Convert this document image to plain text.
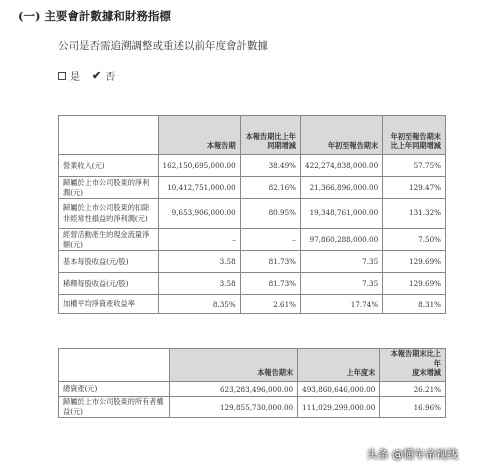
(一) 主要會計數據和財務指標
公司是否需追溯調整或重述以前年度會計數據
是 ✔ 否
	本報告期	本報告期比上年
同期增減	年初至報告期末	年初至報告期末
比上年同期增減
營業收入(元)	162,150,695,000.00	38.49%	422,274,838,000.00	57.75%
歸屬於上市公司股東的淨利潤(元)	10,412,751,000.00	82.16%	21,366,896,000.00	129.47%
歸屬於上市公司股東的扣除
非經常性損益的淨利潤(元)	9,653,906,000.00	80.95%	19,348,761,000.00	131.32%
經營活動產生的現金流量淨額(元)	–	–	97,860,288,000.00	7.50%
基本每股收益(元/股)	3.58	81.73%	7.35	129.69%
稀釋每股收益(元/股)	3.58	81.73%	7.35	129.69%
加權平均淨資產收益率	8.35%	2.61%	17.74%	8.31%
	本報告期末	上年度末	本報告期末比上年
度末增減
總資產(元)	623,283,496,000.00	493,860,646,000.00	26.21%
歸屬於上市公司股東的所有者權益(元)	129,855,730,000.00	111,029,299,000.00	16.96%
头条 @懂车帝视线
